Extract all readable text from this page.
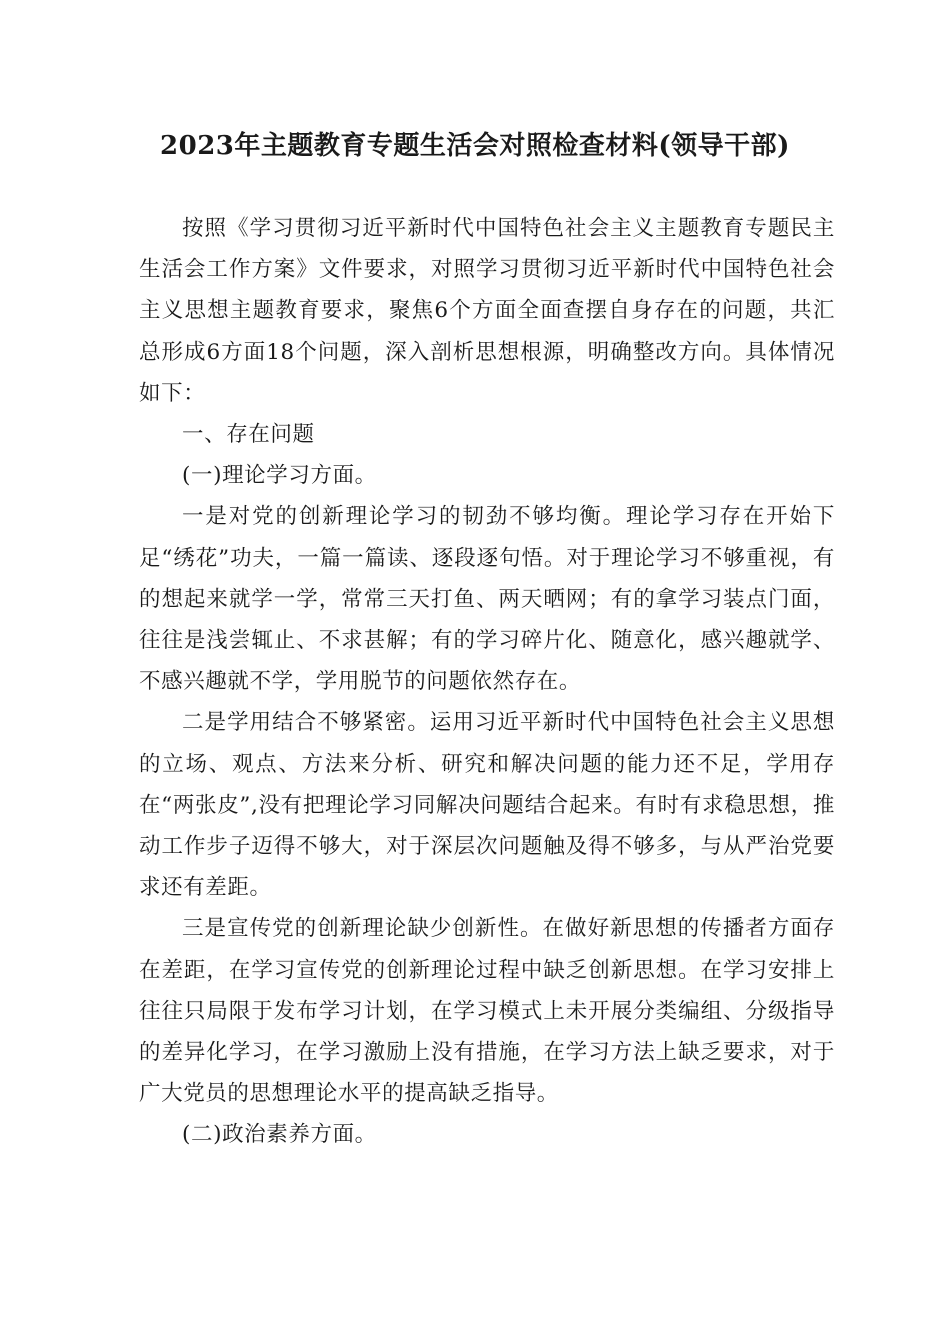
2023年主题教育专题生活会对照检查材料(领导干部)

按照《学习贯彻习近平新时代中国特色社会主义主题教育专题民主生活会工作方案》文件要求，对照学习贯彻习近平新时代中国特色社会主义思想主题教育要求，聚焦6个方面全面查摆自身存在的问题，共汇总形成6方面18个问题，深入剖析思想根源，明确整改方向。具体情况如下：

一、存在问题

(一)理论学习方面。

一是对党的创新理论学习的韧劲不够均衡。理论学习存在开始下足“绣花”功夫，一篇一篇读、逐段逐句悟。对于理论学习不够重视，有的想起来就学一学，常常三天打鱼、两天晒网；有的拿学习装点门面，往往是浅尝辄止、不求甚解；有的学习碎片化、随意化，感兴趣就学、不感兴趣就不学，学用脱节的问题依然存在。

二是学用结合不够紧密。运用习近平新时代中国特色社会主义思想的立场、观点、方法来分析、研究和解决问题的能力还不足，学用存在“两张皮”,没有把理论学习同解决问题结合起来。有时有求稳思想，推动工作步子迈得不够大，对于深层次问题触及得不够多，与从严治党要求还有差距。

三是宣传党的创新理论缺少创新性。在做好新思想的传播者方面存在差距，在学习宣传党的创新理论过程中缺乏创新思想。在学习安排上往往只局限于发布学习计划，在学习模式上未开展分类编组、分级指导的差异化学习，在学习激励上没有措施，在学习方法上缺乏要求，对于广大党员的思想理论水平的提高缺乏指导。

(二)政治素养方面。
